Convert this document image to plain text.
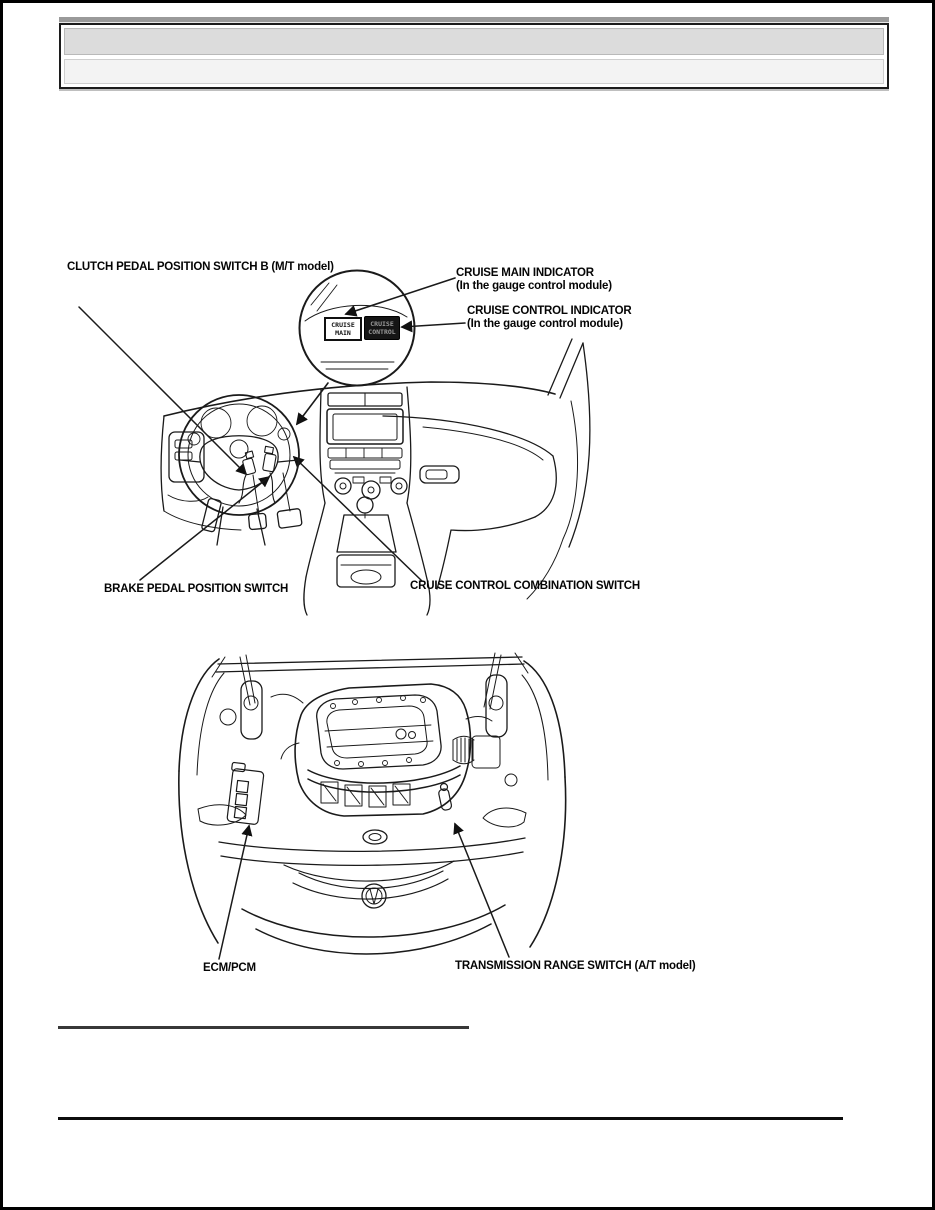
CLUTCH PEDAL POSITION SWITCH B (M/T model)	CRUISE MAIN INDICATOR
(In the gauge control module)
CRUISE CONTROL INDICATOR
(In the gauge control module)
BRAKE PEDAL POSITION SWITCH	CRUISE CONTROL COMBINATION SWITCH
ECM/PCM	TRANSMISSION RANGE SWITCH (A/T model)
CRUISE
MAIN
CRUISE
CONTROL
